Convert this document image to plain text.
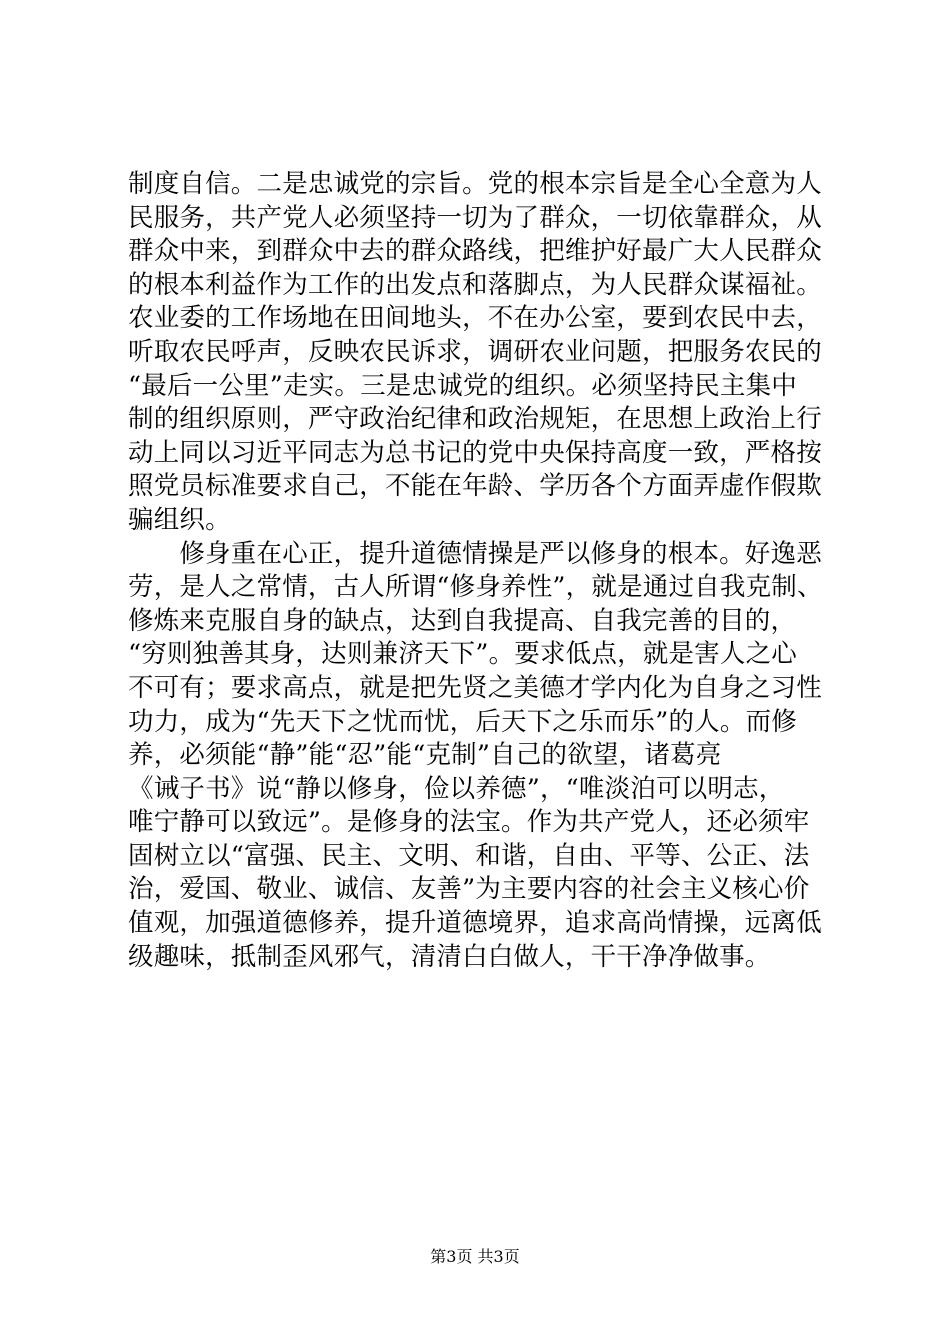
制度自信。二是忠诚党的宗旨。党的根本宗旨是全心全意为人
民服务，共产党人必须坚持一切为了群众，一切依靠群众，从
群众中来，到群众中去的群众路线，把维护好最广大人民群众
的根本利益作为工作的出发点和落脚点，为人民群众谋福祉。
农业委的工作场地在田间地头，不在办公室，要到农民中去，
听取农民呼声，反映农民诉求，调研农业问题，把服务农民的
“最后一公里”走实。三是忠诚党的组织。必须坚持民主集中
制的组织原则，严守政治纪律和政治规矩，在思想上政治上行
动上同以习近平同志为总书记的党中央保持高度一致，严格按
照党员标准要求自己，不能在年龄、学历各个方面弄虚作假欺
骗组织。
　　修身重在心正，提升道德情操是严以修身的根本。好逸恶
劳，是人之常情，古人所谓“修身养性”，就是通过自我克制、
修炼来克服自身的缺点，达到自我提高、自我完善的目的，
“穷则独善其身，达则兼济天下”。要求低点，就是害人之心
不可有；要求高点，就是把先贤之美德才学内化为自身之习性
功力，成为“先天下之忧而忧，后天下之乐而乐”的人。而修
养，必须能“静”能“忍”能“克制”自己的欲望，诸葛亮
《诫子书》说“静以修身，俭以养德”，“唯淡泊可以明志，
唯宁静可以致远”。是修身的法宝。作为共产党人，还必须牢
固树立以“富强、民主、文明、和谐，自由、平等、公正、法
治，爱国、敬业、诚信、友善”为主要内容的社会主义核心价
值观，加强道德修养，提升道德境界，追求高尚情操，远离低
级趣味，抵制歪风邪气，清清白白做人，干干净净做事。
第3页 共3页
